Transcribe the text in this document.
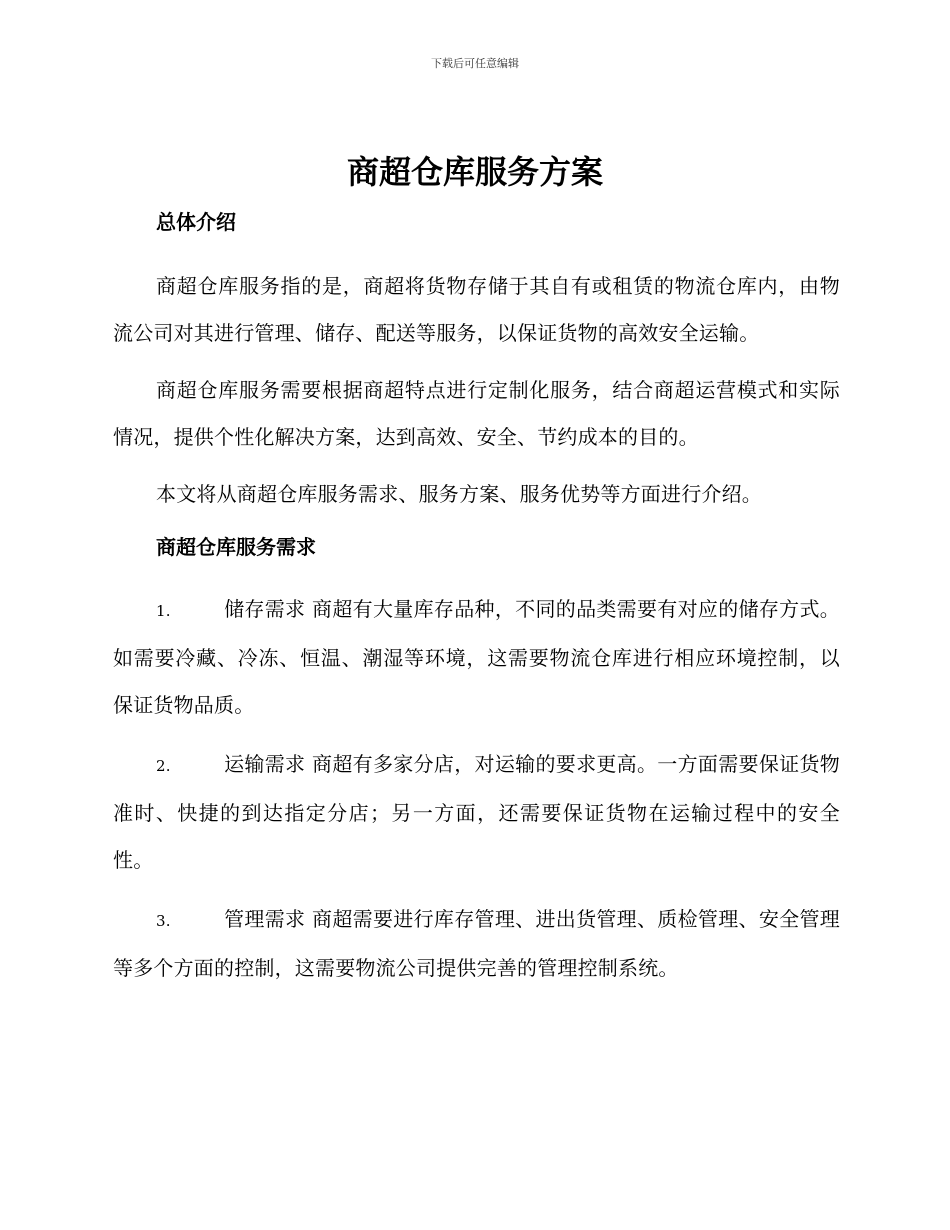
下载后可任意编辑
商超仓库服务方案
总体介绍

商超仓库服务指的是，商超将货物存储于其自有或租赁的物流仓库内，由物流公司对其进行管理、储存、配送等服务，以保证货物的高效安全运输。

商超仓库服务需要根据商超特点进行定制化服务，结合商超运营模式和实际情况，提供个性化解决方案，达到高效、安全、节约成本的目的。

本文将从商超仓库服务需求、服务方案、服务优势等方面进行介绍。

商超仓库服务需求

1.	储存需求 商超有大量库存品种，不同的品类需要有对应的储存方式。如需要冷藏、冷冻、恒温、潮湿等环境，这需要物流仓库进行相应环境控制，以保证货物品质。

2.	运输需求 商超有多家分店，对运输的要求更高。一方面需要保证货物准时、快捷的到达指定分店；另一方面，还需要保证货物在运输过程中的安全性。

3.	管理需求 商超需要进行库存管理、进出货管理、质检管理、安全管理等多个方面的控制，这需要物流公司提供完善的管理控制系统。
